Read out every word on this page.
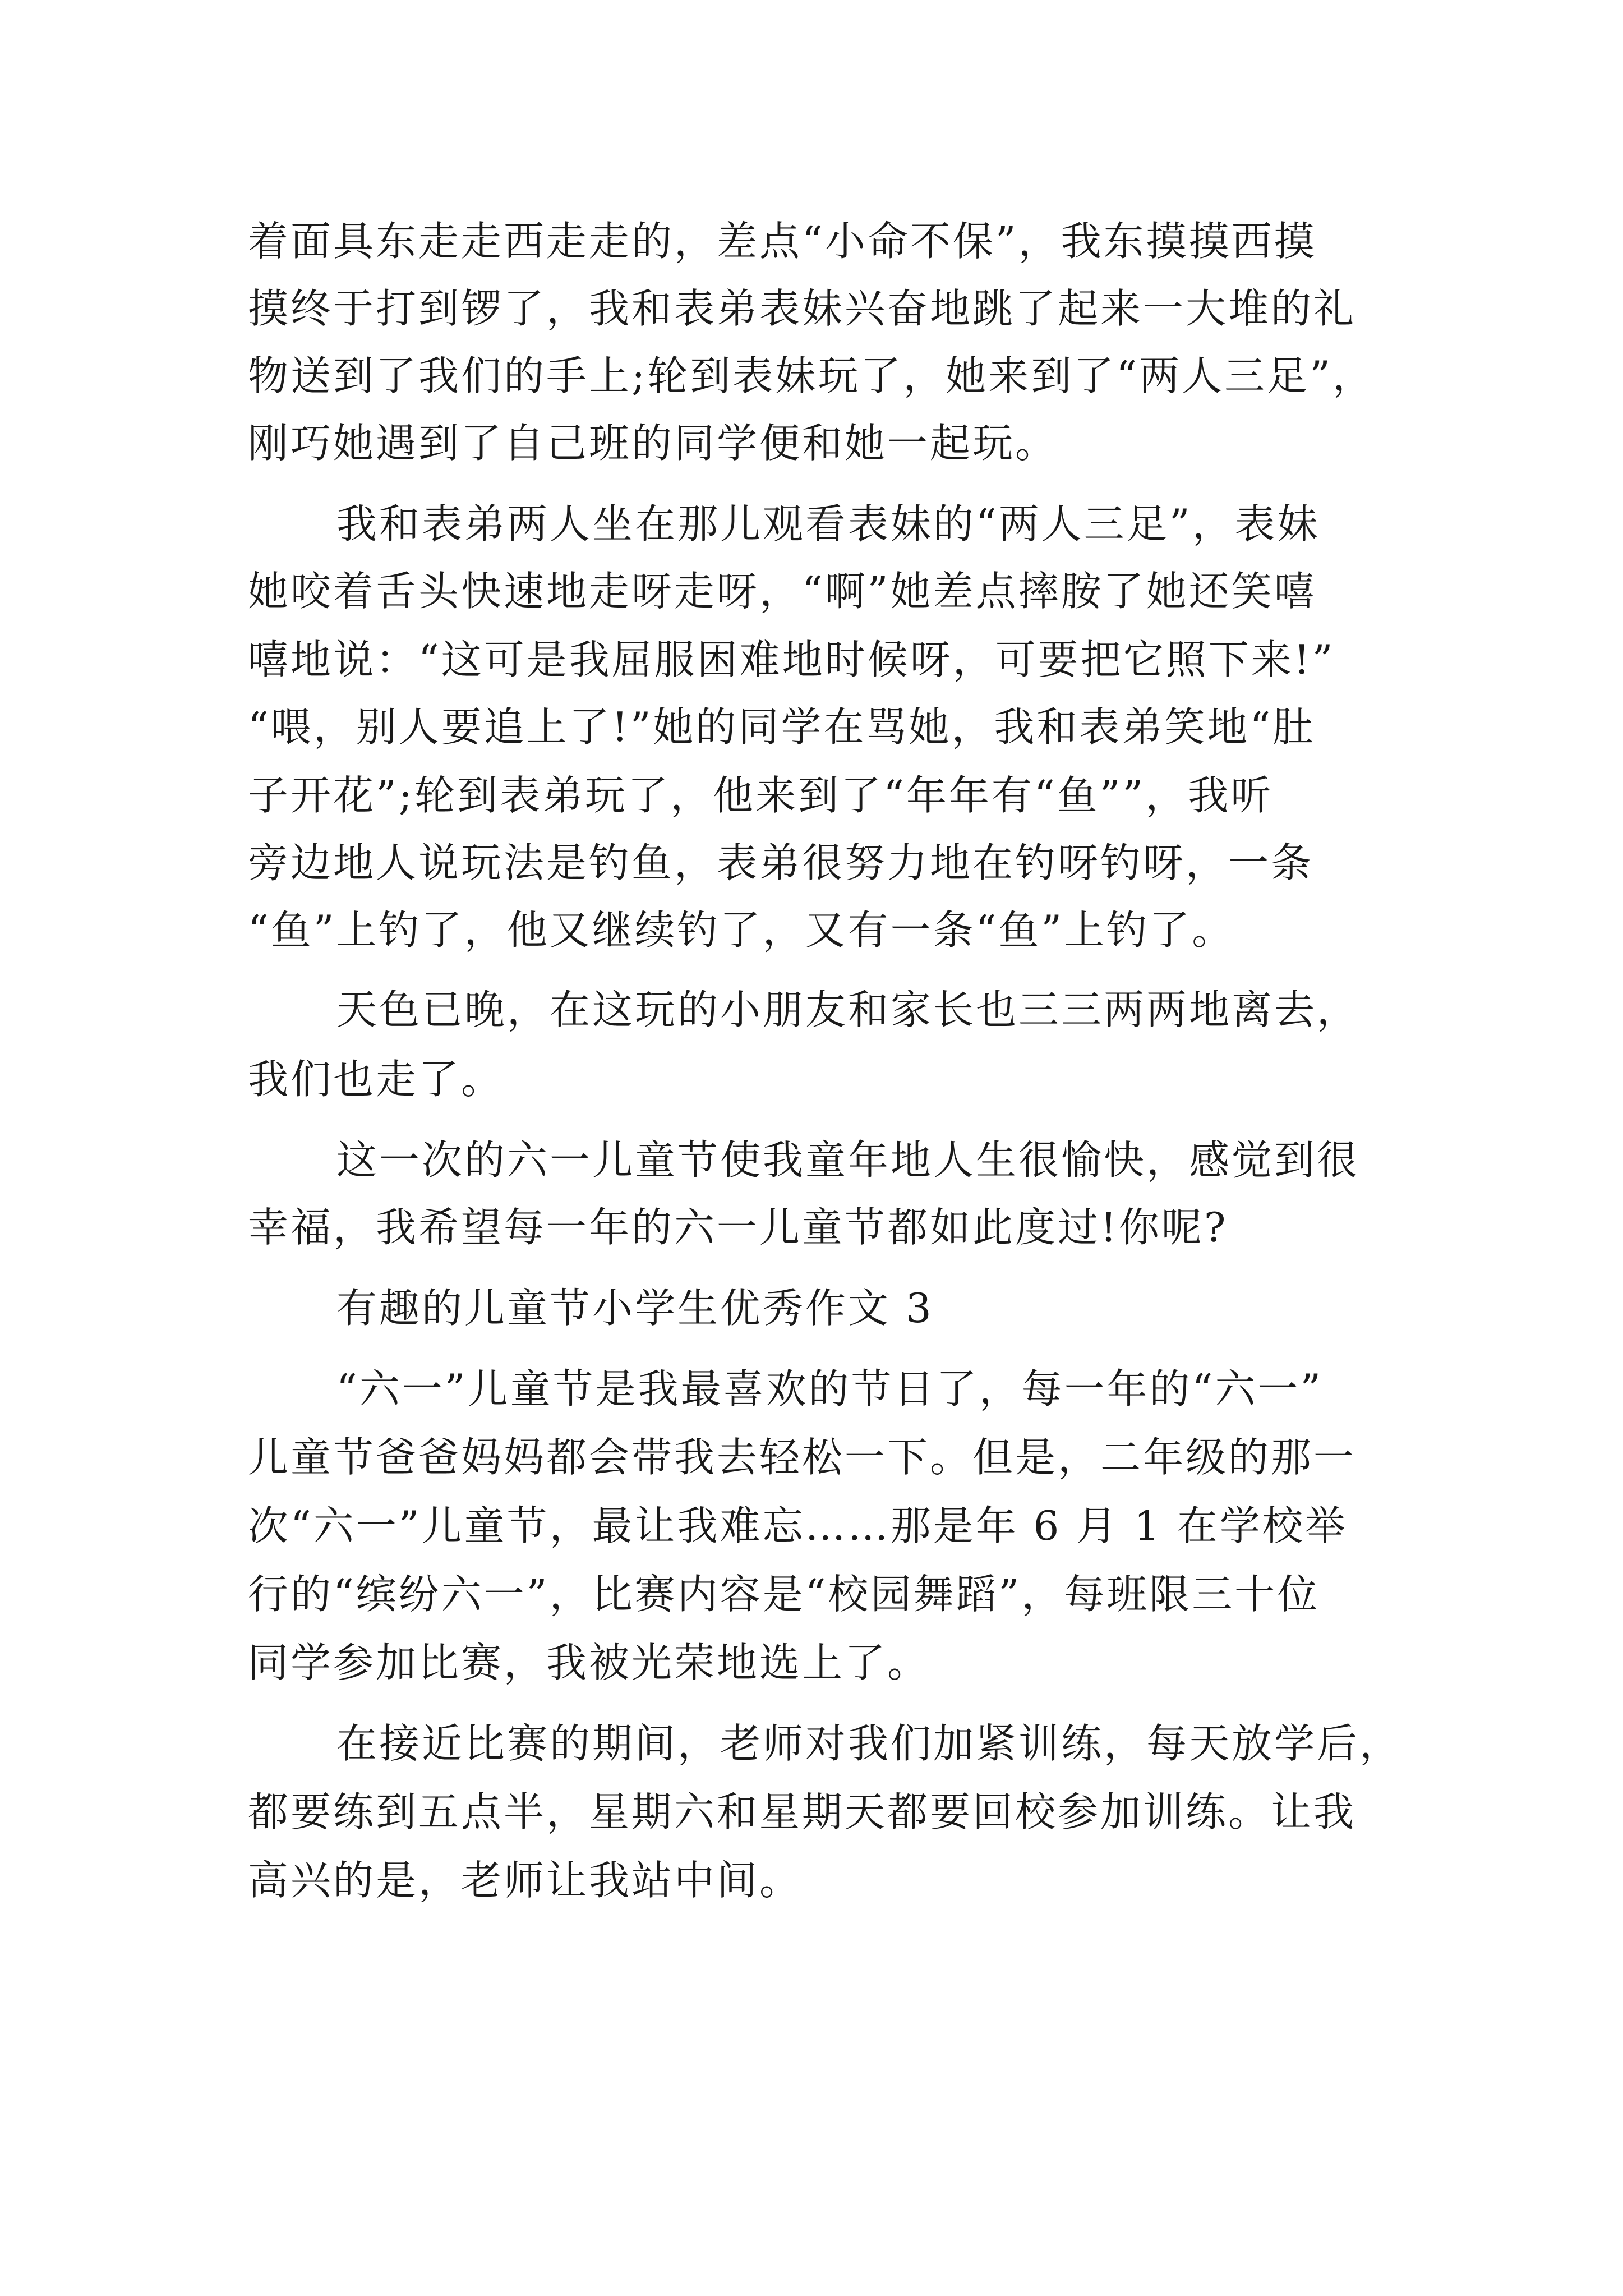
着面具东走走西走走的，差点“小命不保”，我东摸摸西摸
摸终于打到锣了，我和表弟表妹兴奋地跳了起来一大堆的礼
物送到了我们的手上;轮到表妹玩了，她来到了“两人三足”，
刚巧她遇到了自己班的同学便和她一起玩。
我和表弟两人坐在那儿观看表妹的“两人三足”，表妹
她咬着舌头快速地走呀走呀，“啊”她差点摔胺了她还笑嘻
嘻地说：“这可是我屈服困难地时候呀，可要把它照下来!”
“喂，别人要追上了!”她的同学在骂她，我和表弟笑地“肚
子开花”;轮到表弟玩了，他来到了“年年有“鱼””，我听
旁边地人说玩法是钓鱼，表弟很努力地在钓呀钓呀，一条
“鱼”上钓了，他又继续钓了，又有一条“鱼”上钓了。
天色已晚，在这玩的小朋友和家长也三三两两地离去，
我们也走了。
这一次的六一儿童节使我童年地人生很愉快，感觉到很
幸福，我希望每一年的六一儿童节都如此度过!你呢?
有趣的儿童节小学生优秀作文 3
“六一”儿童节是我最喜欢的节日了，每一年的“六一”
儿童节爸爸妈妈都会带我去轻松一下。但是，二年级的那一
次“六一”儿童节，最让我难忘……那是年 6 月 1 在学校举
行的“缤纷六一”，比赛内容是“校园舞蹈”，每班限三十位
同学参加比赛，我被光荣地选上了。
在接近比赛的期间，老师对我们加紧训练，每天放学后，
都要练到五点半，星期六和星期天都要回校参加训练。让我
高兴的是，老师让我站中间。
